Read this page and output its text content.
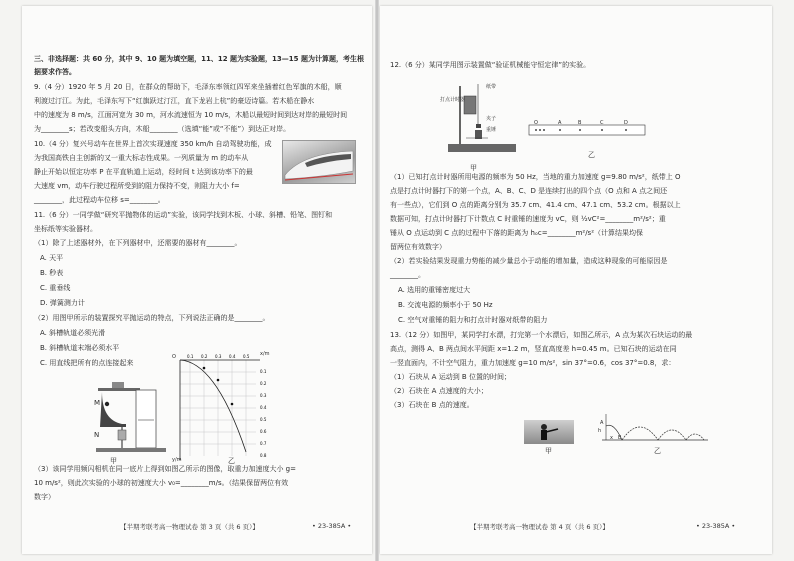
三、非选择题：共 60 分，其中 9、10 题为填空题，11、12 题为实验题，13—15 题为计算题，考生根
据要求作答。
9.（4 分）1920 年 5 月 20 日，在群众的帮助下，毛泽东率领红四军来坐插着红色军旗的木船，顺
利渡过汀江。为此，毛泽东写下“红旗跃过汀江，直下龙岩上杭”的豪迈诗篇。若木船在静水
中的速度为 8 m/s，江面河宽为 30 m，河水流速恒为 10 m/s，木船以最短时间到达对岸的最短时间
为________s；若改变船头方向，木船________（选填“能”或“不能”）到达正对岸。
10.（4 分）复兴号动车在世界上首次实现速度 350 km/h 自动驾驶功能，成
为我国高铁自主创新的又一重大标志性成果。一列质量为 m 的动车从
静止开始以恒定功率 P 在平直轨道上运动，经时间 t 达到该功率下的最
大速度 vm，动车行驶过程所受到的阻力保持不变，则阻力大小 f=
________，此过程动车位移 s=________。
11.（6 分）一同学做“研究平抛物体的运动”实验，该同学找到木板、小球、斜槽、铅笔、图钉和
坐标纸等实验器材。
（1）除了上述器材外，在下列器材中，还需要的器材有________。
A. 天平
B. 秒表
C. 重垂线
D. 弹簧测力计
（2）用图甲所示的装置探究平抛运动的特点，下列说法正确的是________。
A. 斜槽轨道必须光滑
B. 斜槽轨道末端必须水平
C. 用直线把所有的点连接起来
M
N
甲
0.1 0.2 0.3 0.4 0.5
0.1
0.2
0.3
0.4
0.5
0.6
0.7
0.8
x/m
y/m
O
乙
（3）该同学用频闪相机在同一底片上得到如图乙所示的图像，取重力加速度大小 g=
10 m/s²，则此次实验的小球的初速度大小 v₀=________m/s。（结果保留两位有效
数字）
【半期考联考高一物理试卷 第 3 页（共 6 页）】	• 23-385A •
12.（6 分）某同学用图示装置做“验证机械能守恒定律”的实验。
纸带
打点计时器
夹子
重锤
甲
O	A	B	C	D
乙
（1）已知打点计时器所用电源的频率为 50 Hz，当地的重力加速度 g=9.80 m/s²，纸带上 O
点是打点计时器打下的第一个点，A、B、C、D 是连续打出的四个点（O 点和 A 点之间还
有一些点），它们到 O 点的距离分别为 35.7 cm、41.4 cm、47.1 cm、53.2 cm。根据以上
数据可知，打点计时器打下计数点 C 时重锤的速度为 vC，则 ½vC²=________m²/s²；重
锤从 O 点运动到 C 点的过程中下落的距离为 hₒc=________m²/s²（计算结果均保
留两位有效数字）
（2）若实验结果发现重力势能的减少量总小于动能的增加量，造成这种现象的可能原因是
________。
A. 选用的重锤密度过大
B. 交流电源的频率小于 50 Hz
C. 空气对重锤的阻力和打点计时器对纸带的阻力
13.（12 分）如图甲，某同学打水漂，打完第一个水漂后，如图乙所示，A 点为某次石块运动的最
高点，测得 A、B 两点间水平间距 x=1.2 m，竖直高度差 h=0.45 m。已知石块的运动在同
一竖直面内，不计空气阻力，重力加速度 g=10 m/s²，sin 37°=0.6，cos 37°=0.8，求：
（1）石块从 A 运动到 B 位置的时间；
（2）石块在 A 点速度的大小；
（3）石块在 B 点的速度。
甲
A
B
x
h
乙
【半期考联考高一物理试卷 第 4 页（共 6 页）】	• 23-385A •
